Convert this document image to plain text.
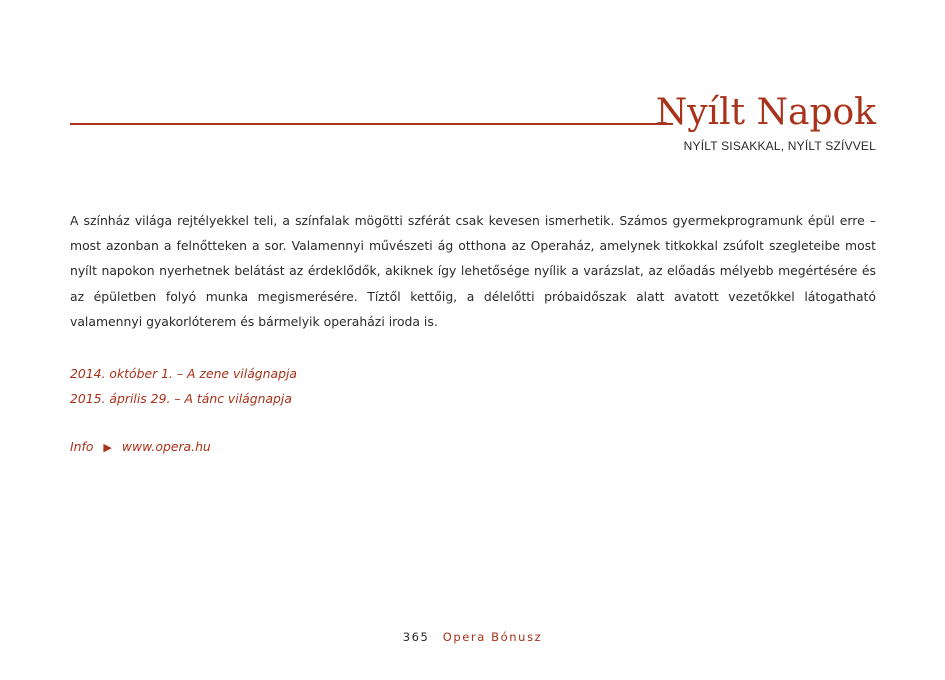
Nyílt Napok
NYÍLT SISAKKAL, NYÍLT SZÍVVEL

A színház világa rejtélyekkel teli, a színfalak mögötti szférát csak kevesen ismerhetik. Számos gyermekprogramunk épül erre – most azonban a felnőtteken a sor. Valamennyi művészeti ág otthona az Operaház, amelynek titkokkal zsúfolt szegleteibe most nyílt napokon nyerhetnek belátást az érdeklődők, akiknek így lehetősége nyílik a varázslat, az előadás mélyebb megértésére és az épületben folyó munka megismerésére. Tíztől kettőig, a délelőtti próbaidőszak alatt avatott vezetőkkel látogatható valamennyi gyakorlóterem és bármelyik operaházi iroda is.

2014. október 1. – A zene világnapja
2015. április 29. – A tánc világnapja
Info ▶ www.opera.hu
365 Opera Bónusz
